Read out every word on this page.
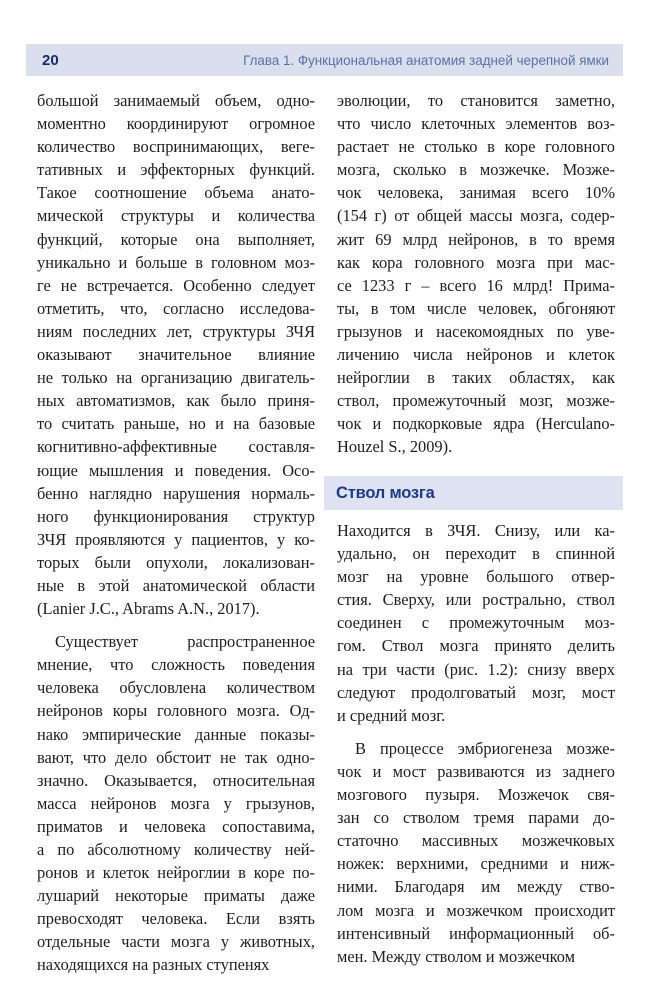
20	Глава 1. Функциональная анатомия задней черепной ямки

большой занимаемый объем, одно-
моментно координируют огромное
количество воспринимающих, веге-
тативных и эффекторных функций.
Такое соотношение объема анато-
мической структуры и количества
функций, которые она выполняет,
уникально и больше в головном моз-
ге не встречается. Особенно следует
отметить, что, согласно исследова-
ниям последних лет, структуры ЗЧЯ
оказывают значительное влияние
не только на организацию двигатель-
ных автоматизмов, как было приня-
то считать раньше, но и на базовые
когнитивно-аффективные составля-
ющие мышления и поведения. Осо-
бенно наглядно нарушения нормаль-
ного функционирования структур
ЗЧЯ проявляются у пациентов, у ко-
торых были опухоли, локализован-
ные в этой анатомической области
(Lanier J.C., Abrams A.N., 2017).

Существует распространенное
мнение, что сложность поведения
человека обусловлена количеством
нейронов коры головного мозга. Од-
нако эмпирические данные показы-
вают, что дело обстоит не так одно-
значно. Оказывается, относительная
масса нейронов мозга у грызунов,
приматов и человека сопоставима,
а по абсолютному количеству ней-
ронов и клеток нейроглии в коре по-
лушарий некоторые приматы даже
превосходят человека. Если взять
отдельные части мозга у животных,
находящихся на разных ступенях

эволюции, то становится заметно,
что число клеточных элементов воз-
растает не столько в коре головного
мозга, сколько в мозжечке. Мозже-
чок человека, занимая всего 10%
(154 г) от общей массы мозга, содер-
жит 69 млрд нейронов, в то время
как кора головного мозга при мас-
се 1233 г – всего 16 млрд! Прима-
ты, в том числе человек, обгоняют
грызунов и насекомоядных по уве-
личению числа нейронов и клеток
нейроглии в таких областях, как
ствол, промежуточный мозг, мозже-
чок и подкорковые ядра (Herculano-
Houzel S., 2009).

Ствол мозга

Находится в ЗЧЯ. Снизу, или ка-
удально, он переходит в спинной
мозг на уровне большого отвер-
стия. Сверху, или рострально, ствол
соединен с промежуточным моз-
гом. Ствол мозга принято делить
на три части (рис. 1.2): снизу вверх
следуют продолговатый мозг, мост
и средний мозг.

В процессе эмбриогенеза мозже-
чок и мост развиваются из заднего
мозгового пузыря. Мозжечок свя-
зан со стволом тремя парами до-
статочно массивных мозжечковых
ножек: верхними, средними и ниж-
ними. Благодаря им между ство-
лом мозга и мозжечком происходит
интенсивный информационный об-
мен. Между стволом и мозжечком
